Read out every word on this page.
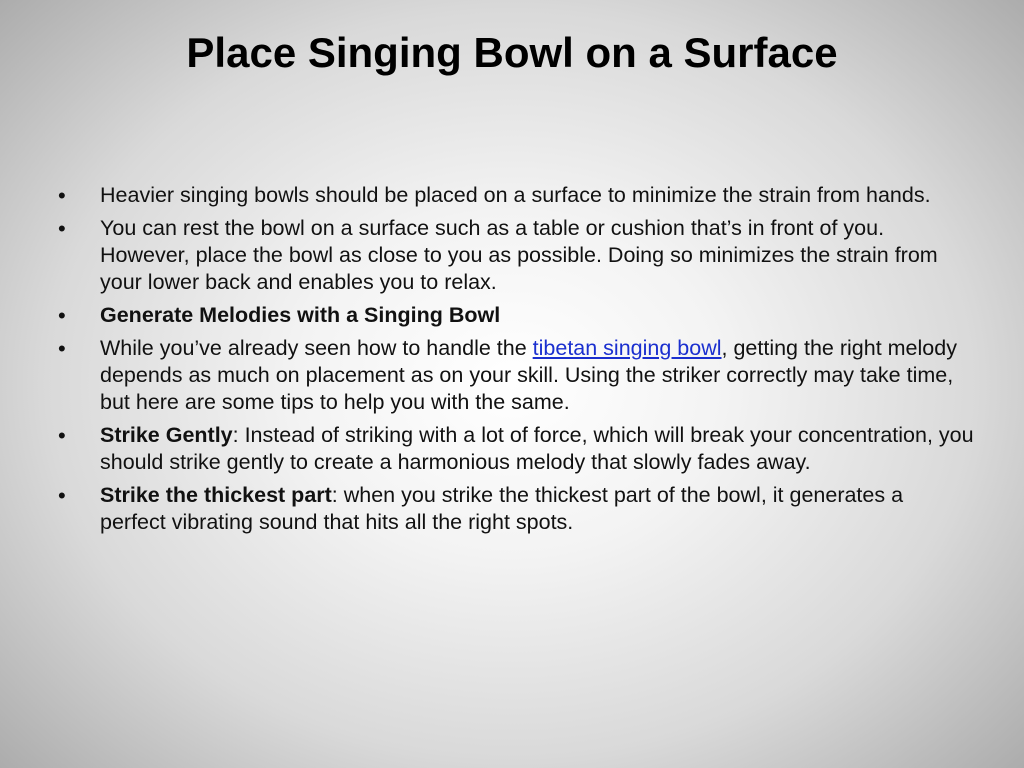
Place Singing Bowl on a Surface
• Heavier singing bowls should be placed on a surface to minimize the strain from hands.
• You can rest the bowl on a surface such as a table or cushion that’s in front of you. However, place the bowl as close to you as possible. Doing so minimizes the strain from your lower back and enables you to relax.
• Generate Melodies with a Singing Bowl
• While you’ve already seen how to handle the tibetan singing bowl, getting the right melody depends as much on placement as on your skill. Using the striker correctly may take time, but here are some tips to help you with the same.
• Strike Gently: Instead of striking with a lot of force, which will break your concentration, you should strike gently to create a harmonious melody that slowly fades away.
• Strike the thickest part: when you strike the thickest part of the bowl, it generates a perfect vibrating sound that hits all the right spots.
